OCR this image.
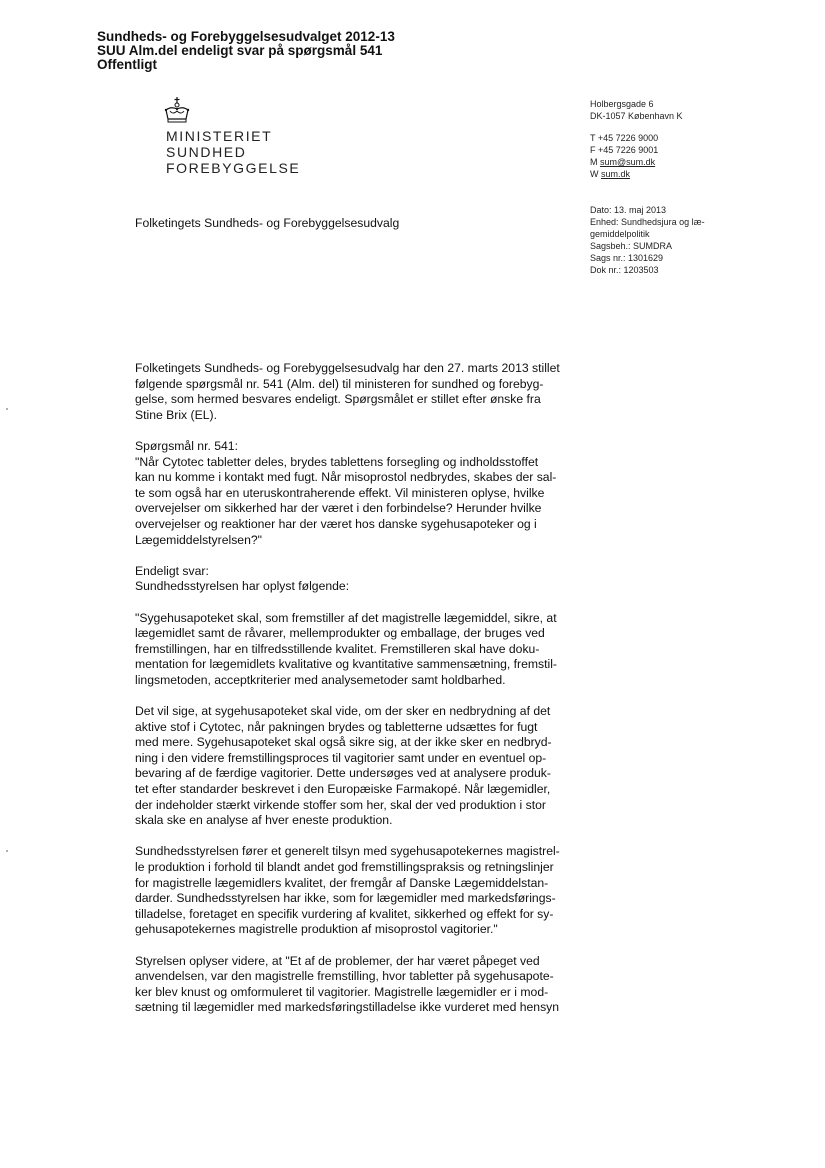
Sundheds- og Forebyggelsesudvalget 2012-13
SUU Alm.del endeligt svar på spørgsmål 541
Offentligt
MINISTERIET
SUNDHED
FOREBYGGELSE
Holbergsgade 6
DK-1057 København K
T +45 7226 9000
F +45 7226 9001
M sum@sum.dk
W sum.dk
Dato: 13. maj 2013
Enhed: Sundhedsjura og læ-
gemiddelpolitik
Sagsbeh.: SUMDRA
Sags nr.: 1301629
Dok nr.: 1203503
Folketingets Sundheds- og Forebyggelsesudvalg

Folketingets Sundheds- og Forebyggelsesudvalg har den 27. marts 2013 stillet
følgende spørgsmål nr. 541 (Alm. del) til ministeren for sundhed og forebyg-
gelse, som hermed besvares endeligt. Spørgsmålet er stillet efter ønske fra
Stine Brix (EL).

Spørgsmål nr. 541:
"Når Cytotec tabletter deles, brydes tablettens forsegling og indholdsstoffet
kan nu komme i kontakt med fugt. Når misoprostol nedbrydes, skabes der sal-
te som også har en uteruskontraherende effekt. Vil ministeren oplyse, hvilke
overvejelser om sikkerhed har der været i den forbindelse? Herunder hvilke
overvejelser og reaktioner har der været hos danske sygehusapoteker og i
Lægemiddelstyrelsen?"

Endeligt svar:
Sundhedsstyrelsen har oplyst følgende:

"Sygehusapoteket skal, som fremstiller af det magistrelle lægemiddel, sikre, at
lægemidlet samt de råvarer, mellemprodukter og emballage, der bruges ved
fremstillingen, har en tilfredsstillende kvalitet. Fremstilleren skal have doku-
mentation for lægemidlets kvalitative og kvantitative sammensætning, fremstil-
lingsmetoden, acceptkriterier med analysemetoder samt holdbarhed.

Det vil sige, at sygehusapoteket skal vide, om der sker en nedbrydning af det
aktive stof i Cytotec, når pakningen brydes og tabletterne udsættes for fugt
med mere. Sygehusapoteket skal også sikre sig, at der ikke sker en nedbryd-
ning i den videre fremstillingsproces til vagitorier samt under en eventuel op-
bevaring af de færdige vagitorier. Dette undersøges ved at analysere produk-
tet efter standarder beskrevet i den Europæiske Farmakopé. Når lægemidler,
der indeholder stærkt virkende stoffer som her, skal der ved produktion i stor
skala ske en analyse af hver eneste produktion.

Sundhedsstyrelsen fører et generelt tilsyn med sygehusapotekernes magistrel-
le produktion i forhold til blandt andet god fremstillingspraksis og retningslinjer
for magistrelle lægemidlers kvalitet, der fremgår af Danske Lægemiddelstan-
darder. Sundhedsstyrelsen har ikke, som for lægemidler med markedsførings-
tilladelse, foretaget en specifik vurdering af kvalitet, sikkerhed og effekt for sy-
gehusapotekernes magistrelle produktion af misoprostol vagitorier."

Styrelsen oplyser videre, at "Et af de problemer, der har været påpeget ved
anvendelsen, var den magistrelle fremstilling, hvor tabletter på sygehusapote-
ker blev knust og omformuleret til vagitorier. Magistrelle lægemidler er i mod-
sætning til lægemidler med markedsføringstilladelse ikke vurderet med hensyn
